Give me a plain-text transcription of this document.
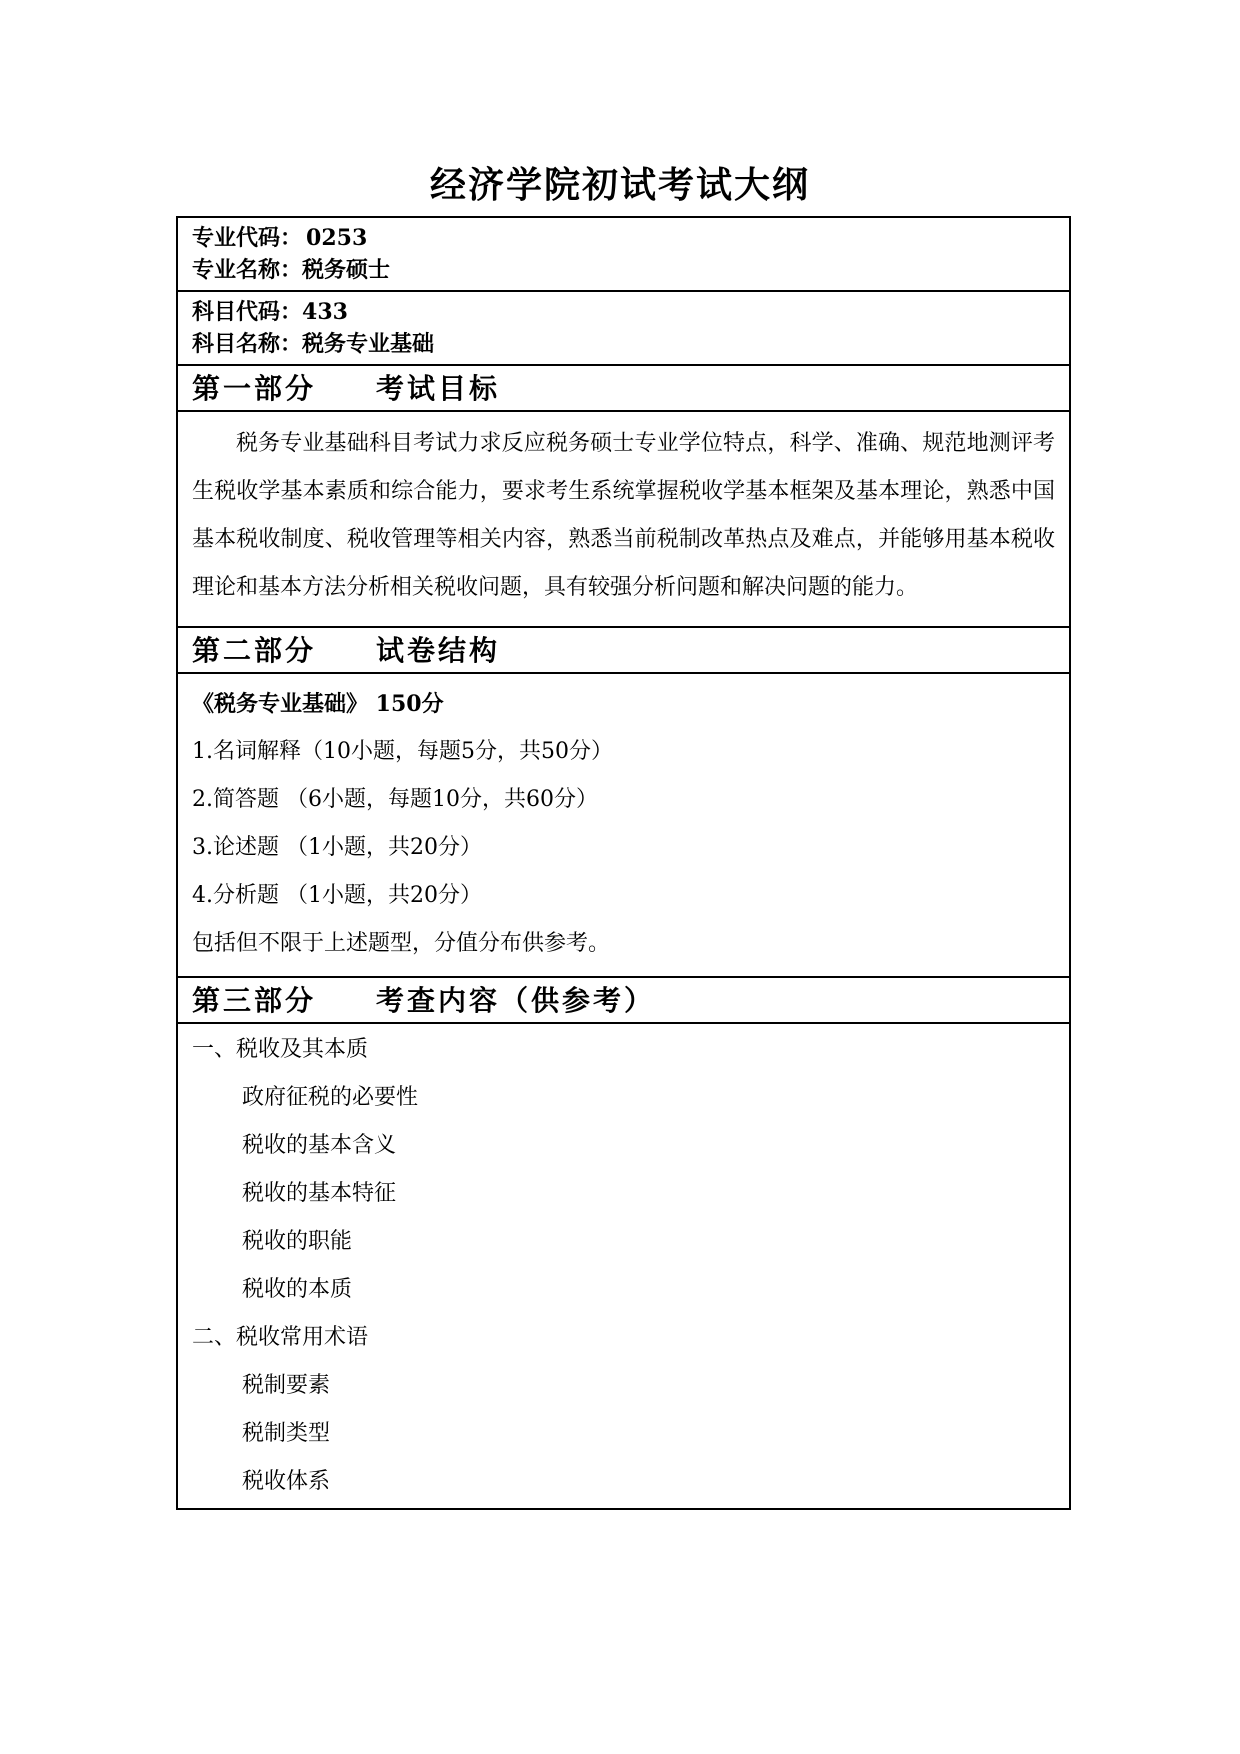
经济学院初试考试大纲
专业代码： 0253
专业名称：税务硕士
科目代码：433
科目名称：税务专业基础
第一部分 考试目标

税务专业基础科目考试力求反应税务硕士专业学位特点，科学、准确、规范地测评考生税收学基本素质和综合能力，要求考生系统掌握税收学基本框架及基本理论，熟悉中国基本税收制度、税收管理等相关内容，熟悉当前税制改革热点及难点，并能够用基本税收理论和基本方法分析相关税收问题，具有较强分析问题和解决问题的能力。

第二部分 试卷结构
《税务专业基础》 150分
1.名词解释（10小题，每题5分，共50分）
2.简答题 （6小题，每题10分，共60分）
3.论述题 （1小题，共20分）
4.分析题 （1小题，共20分）
包括但不限于上述题型，分值分布供参考。
第三部分 考查内容（供参考）
一、税收及其本质
政府征税的必要性
税收的基本含义
税收的基本特征
税收的职能
税收的本质
二、税收常用术语
税制要素
税制类型
税收体系
